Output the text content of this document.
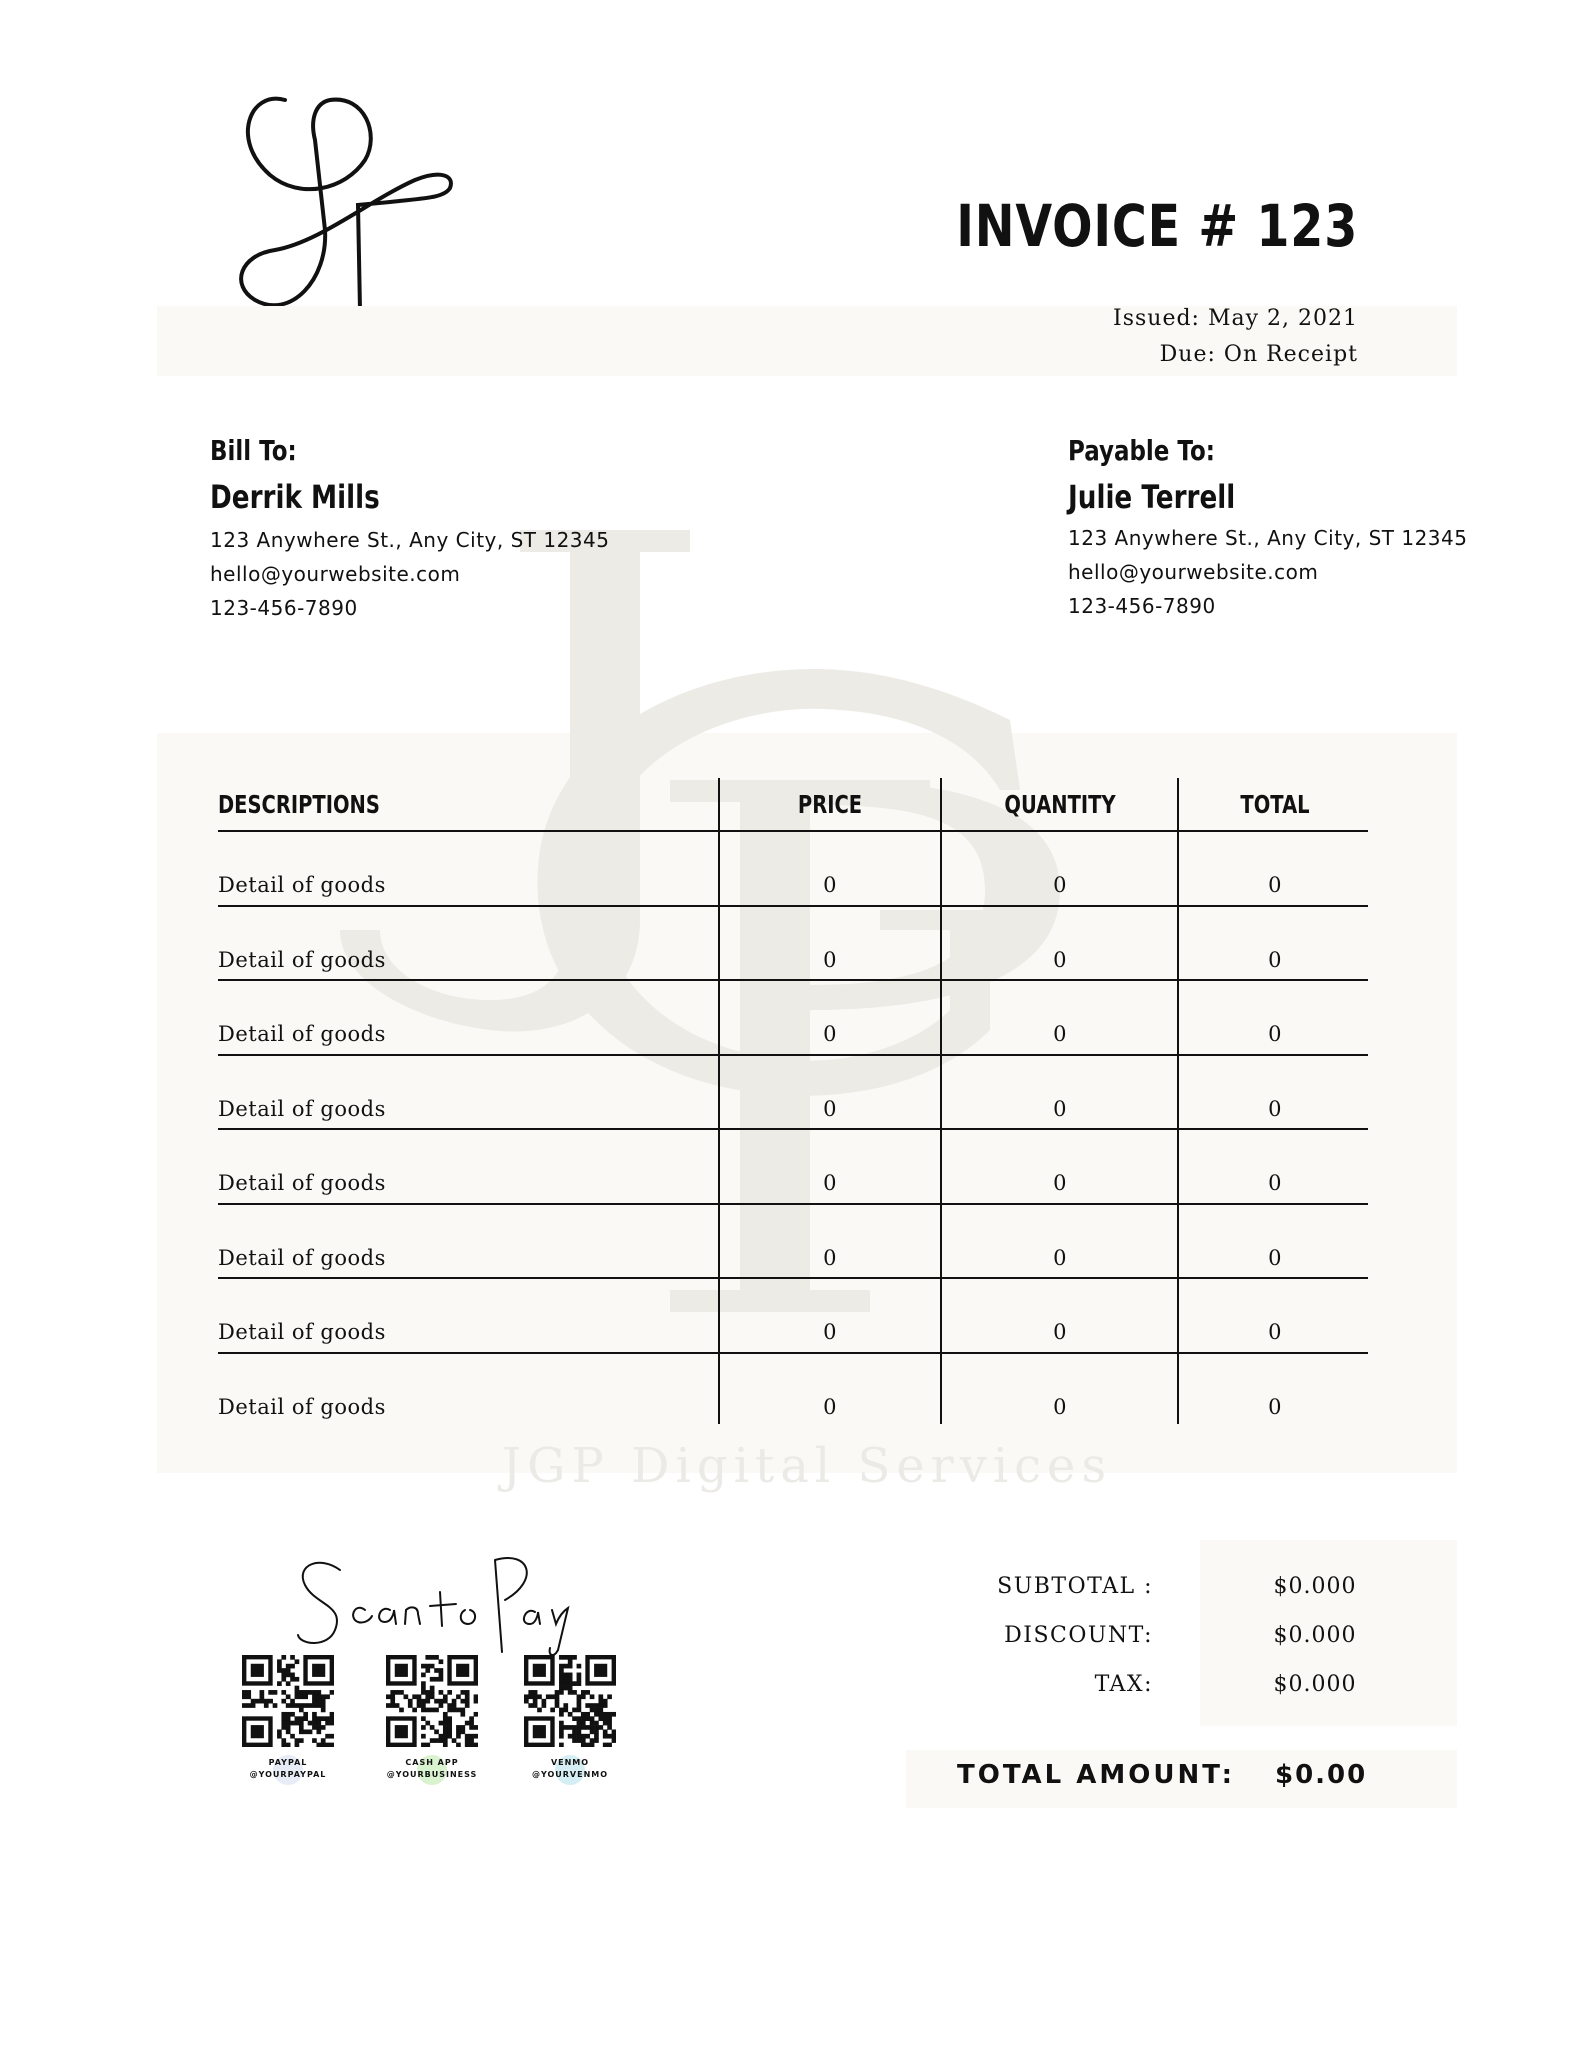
INVOICE # 123
Issued: May 2, 2021
Due: On Receipt
Bill To:
Derrik Mills
123 Anywhere St., Any City, ST 12345
hello@yourwebsite.com
123-456-7890
Payable To:
Julie Terrell
123 Anywhere St., Any City, ST 12345
hello@yourwebsite.com
123-456-7890
DESCRIPTIONS	PRICE	QUANTITY	TOTAL
Detail of goods	0	0	0
Detail of goods	0	0	0
Detail of goods	0	0	0
Detail of goods	0	0	0
Detail of goods	0	0	0
Detail of goods	0	0	0
Detail of goods	0	0	0
Detail of goods	0	0	0
JGP Digital Services
PAYPAL
@YOURPAYPAL
CASH APP
@YOURBUSINESS
VENMO
@YOURVENMO
SUBTOTAL :	$0.000
DISCOUNT:	$0.000
TAX:	$0.000
TOTAL AMOUNT: $0.00
